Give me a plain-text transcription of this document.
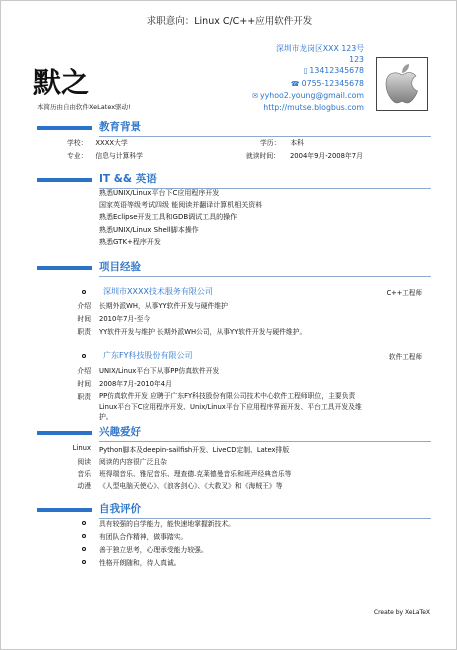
求职意向：Linux C/C++应用软件开发
默之
本简历由自由软件XeLatex驱动!
深圳市龙岗区XXX 123号
123
▯ 13412345678
☎ 0755-12345678
✉ yyhoo2.young@gmail.com
http://mutse.blogbus.com
教育背景
学校： XXXX大学	学历： 本科
专业： 信息与计算科学	就读时间： 2004年9月-2008年7月
IT && 英语
熟悉UNIX/Linux平台下C应用程序开发
国家英语等级考试四级 能阅读并翻译计算机相关资料
熟悉Eclipse开发工具和GDB调试工具的操作
熟悉UNIX/Linux Shell脚本操作
熟悉GTK+程序开发
项目经验
深圳市XXXX技术服务有限公司	C++工程师
介绍 长期外派WH，从事YY软件开发与硬件维护
时间 2010年7月-至今
职责 YY软件开发与维护 长期外派WH公司，从事YY软件开发与硬件维护。
广东FY科技股份有限公司	软件工程师
介绍 UNIX/Linux平台下从事PP仿真软件开发
时间 2008年7月-2010年4月
职责 PP仿真软件开发 应聘于广东FY科技股份有限公司技术中心软件工程师职位，主要负责
Linux平台下C应用程序开发、Unix/Linux平台下应用程序界面开发、平台工具开发及维
护。
兴趣爱好
Linux Python脚本及deepin-sailfish开发、LiveCD定制、Latex排版
阅读 阅读的内容很广泛且杂
音乐 班得瑞音乐、雅尼音乐、理查德.克莱德曼音乐和班声经典音乐等
动漫 《人型电脑天使心》、《浪客剑心》、《大救叉》和《海贼王》等
自我评价
具有较强的自学能力，能快速地掌握新技术。
有团队合作精神，做事踏实。
善于独立思考，心理承受能力较强。
性格开朗随和，待人真诚。
Create by XeLaTeX
